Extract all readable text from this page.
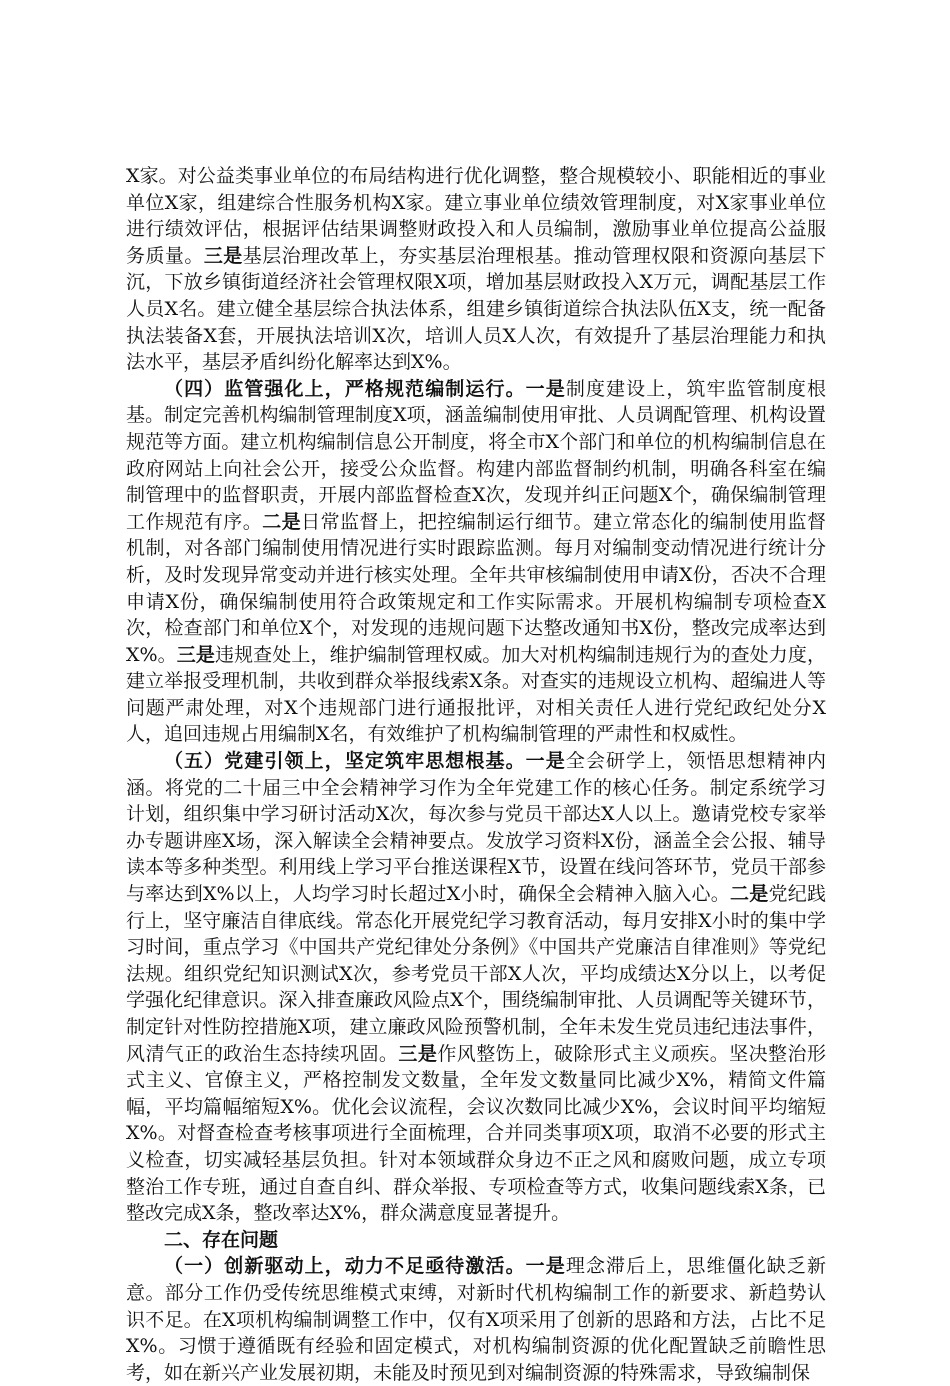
X家。对公益类事业单位的布局结构进行优化调整，整合规模较小、职能相近的事业单位X家，组建综合性服务机构X家。建立事业单位绩效管理制度，对X家事业单位进行绩效评估，根据评估结果调整财政投入和人员编制，激励事业单位提高公益服务质量。三是基层治理改革上，夯实基层治理根基。推动管理权限和资源向基层下沉，下放乡镇街道经济社会管理权限X项，增加基层财政投入X万元，调配基层工作人员X名。建立健全基层综合执法体系，组建乡镇街道综合执法队伍X支，统一配备执法装备X套，开展执法培训X次，培训人员X人次，有效提升了基层治理能力和执法水平，基层矛盾纠纷化解率达到X%。

（四）监管强化上，严格规范编制运行。一是制度建设上，筑牢监管制度根基。制定完善机构编制管理制度X项，涵盖编制使用审批、人员调配管理、机构设置规范等方面。建立机构编制信息公开制度，将全市X个部门和单位的机构编制信息在政府网站上向社会公开，接受公众监督。构建内部监督制约机制，明确各科室在编制管理中的监督职责，开展内部监督检查X次，发现并纠正问题X个，确保编制管理工作规范有序。二是日常监督上，把控编制运行细节。建立常态化的编制使用监督机制，对各部门编制使用情况进行实时跟踪监测。每月对编制变动情况进行统计分析，及时发现异常变动并进行核实处理。全年共审核编制使用申请X份，否决不合理申请X份，确保编制使用符合政策规定和工作实际需求。开展机构编制专项检查X次，检查部门和单位X个，对发现的违规问题下达整改通知书X份，整改完成率达到X%。三是违规查处上，维护编制管理权威。加大对机构编制违规行为的查处力度，建立举报受理机制，共收到群众举报线索X条。对查实的违规设立机构、超编进人等问题严肃处理，对X个违规部门进行通报批评，对相关责任人进行党纪政纪处分X人，追回违规占用编制X名，有效维护了机构编制管理的严肃性和权威性。

（五）党建引领上，坚定筑牢思想根基。一是全会研学上，领悟思想精神内涵。将党的二十届三中全会精神学习作为全年党建工作的核心任务。制定系统学习计划，组织集中学习研讨活动X次，每次参与党员干部达X人以上。邀请党校专家举办专题讲座X场，深入解读全会精神要点。发放学习资料X份，涵盖全会公报、辅导读本等多种类型。利用线上学习平台推送课程X节，设置在线问答环节，党员干部参与率达到X%以上，人均学习时长超过X小时，确保全会精神入脑入心。二是党纪践行上，坚守廉洁自律底线。常态化开展党纪学习教育活动，每月安排X小时的集中学习时间，重点学习《中国共产党纪律处分条例》《中国共产党廉洁自律准则》等党纪法规。组织党纪知识测试X次，参考党员干部X人次，平均成绩达X分以上，以考促学强化纪律意识。深入排查廉政风险点X个，围绕编制审批、人员调配等关键环节，制定针对性防控措施X项，建立廉政风险预警机制，全年未发生党员违纪违法事件，风清气正的政治生态持续巩固。三是作风整饬上，破除形式主义顽疾。坚决整治形式主义、官僚主义，严格控制发文数量，全年发文数量同比减少X%，精简文件篇幅，平均篇幅缩短X%。优化会议流程，会议次数同比减少X%，会议时间平均缩短X%。对督查检查考核事项进行全面梳理，合并同类事项X项，取消不必要的形式主义检查，切实减轻基层负担。针对本领域群众身边不正之风和腐败问题，成立专项整治工作专班，通过自查自纠、群众举报、专项检查等方式，收集问题线索X条，已整改完成X条，整改率达X%，群众满意度显著提升。

二、存在问题

（一）创新驱动上，动力不足亟待激活。一是理念滞后上，思维僵化缺乏新意。部分工作仍受传统思维模式束缚，对新时代机构编制工作的新要求、新趋势认识不足。在X项机构编制调整工作中，仅有X项采用了创新的思路和方法，占比不足X%。习惯于遵循既有经验和固定模式，对机构编制资源的优化配置缺乏前瞻性思考，如在新兴产业发展初期，未能及时预见到对编制资源的特殊需求，导致编制保
